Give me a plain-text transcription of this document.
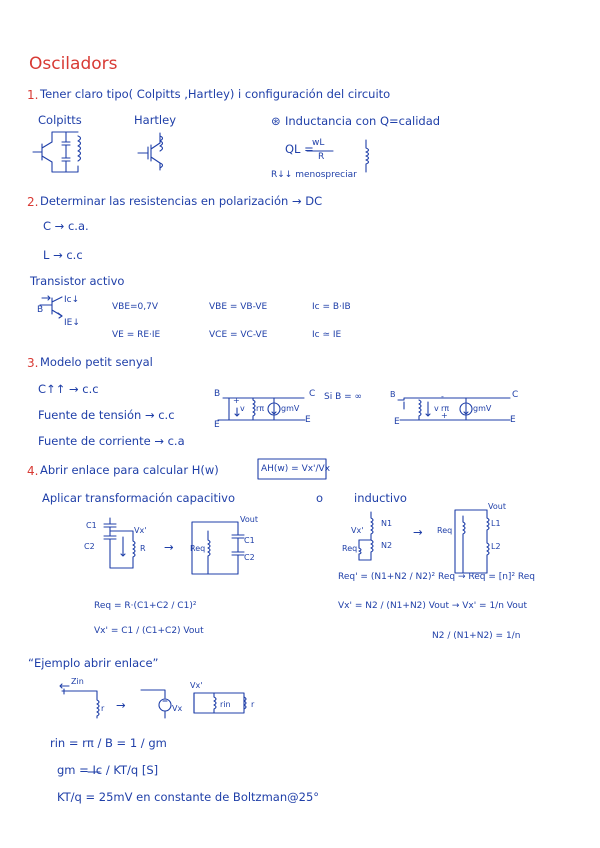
Osciladors
1. Tener claro tipo( Colpitts ,Hartley) i configuración del circuito
Colpitts	Hartley	⊛ Inductancia con Q=calidad
QL =
wL
R
R↓↓ menospreciar
2. Determinar las resistencias en polarización → DC
C → c.a.
L → c.c
Transistor activo
B
Ic↓
IE↓
VBE=0,7V	VBE = VB-VE	Ic = B·IB
VE = RE·IE	VCE = VC-VE	Ic ≃ IE
3. Modelo petit senyal
C↑↑ → c.c
Fuente de tensión → c.c
Fuente de corriente → c.a
B
E
C
E
+
v rπ gmV
Si B = ∞	B
E
C
E
v rπ	gmV
-
+
4. Abrir enlace para calcular H(w)	AH(w) = Vx'/Vx
Aplicar transformación capacitivo	o	inductivo
C1
C2
Vx'
R → Req
Vout
C1
C2
Vx'
N1
N2
Req
→ Req
Vout
L1
L2
Req = R·(C1+C2 / C1)²
Vx' = C1 / (C1+C2) Vout
Req' = (N1+N2 / N2)² Req → Req = [n]² Req
Vx' = N2 / (N1+N2) Vout → Vx' = 1/n Vout
N2 / (N1+N2) = 1/n
“Ejemplo abrir enlace”
Zin
r →	Vx
Vx'
rin	r
rin = rπ / B = 1 / gm
gm = Ic / KT/q [S]
KT/q = 25mV en constante de Boltzman@25°
